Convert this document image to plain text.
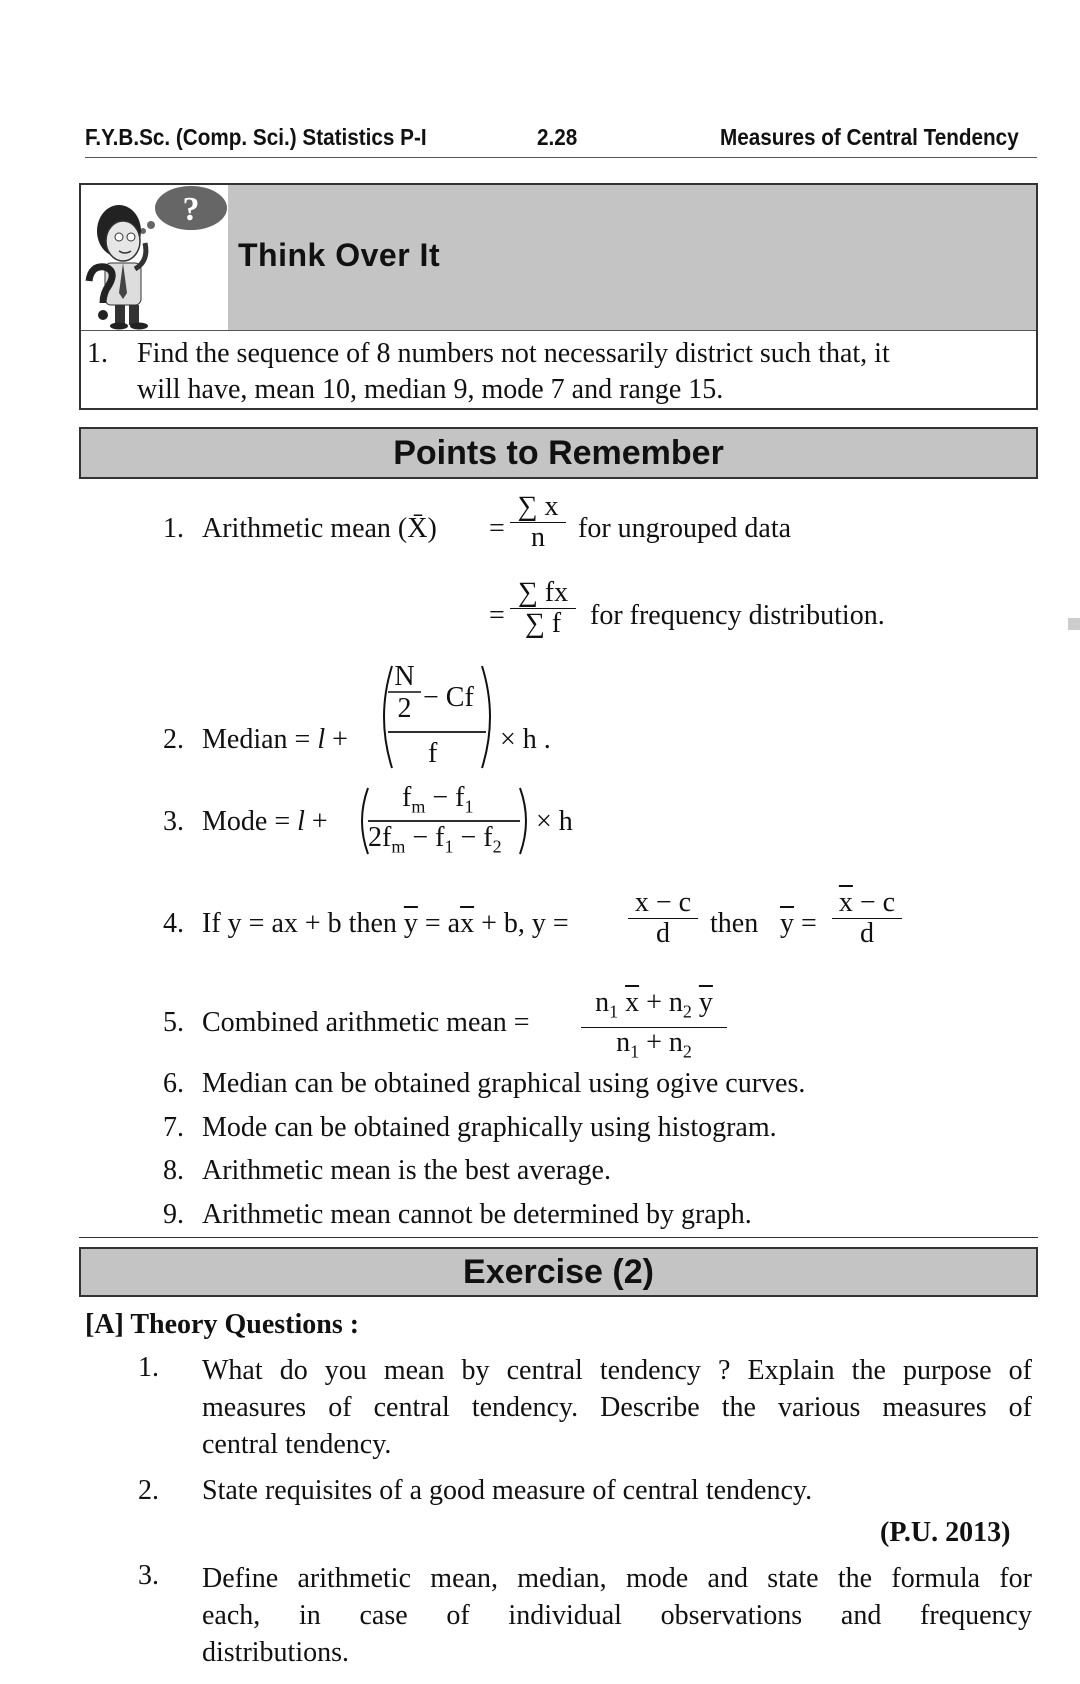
F.Y.B.Sc. (Comp. Sci.) Statistics P-I	2.28	Measures of Central Tendency
?
Think Over It
1. Find the sequence of 8 numbers not necessarily district such that, it
will have, mean 10, median 9, mode 7 and range 15.
Points to Remember
1. Arithmetic mean (X̄) = $\frac{\sum x}{n}$ for ungrouped data
= $\frac{\sum fx}{\sum f}$ for frequency distribution.
2. Median = l +
N
2 − Cf
f × h .
3. Mode = l +
$f_m - f_1$
$2f_m - f_1 - f_2$
× h
4. If y = ax + b then $\overline{y} = a\overline{x} + b$, $y = \frac{x - c}{d}$ then $\overline{y} = \frac{\overline{x} - c}{d}$
5. Combined arithmetic mean = $\frac{n_1 \overline{x} + n_2 \overline{y}}{n_1 + n_2}$
6. Median can be obtained graphical using ogive curves.
7. Mode can be obtained graphically using histogram.
8. Arithmetic mean is the best average.
9. Arithmetic mean cannot be determined by graph.
Exercise (2)
[A] Theory Questions :
1. What do you mean by central tendency ? Explain the purpose of
measures of central tendency. Describe the various measures of
central tendency.
2. State requisites of a good measure of central tendency.
(P.U. 2013)
3. Define arithmetic mean, median, mode and state the formula for
each, in case of individual observations and frequency
distributions.
